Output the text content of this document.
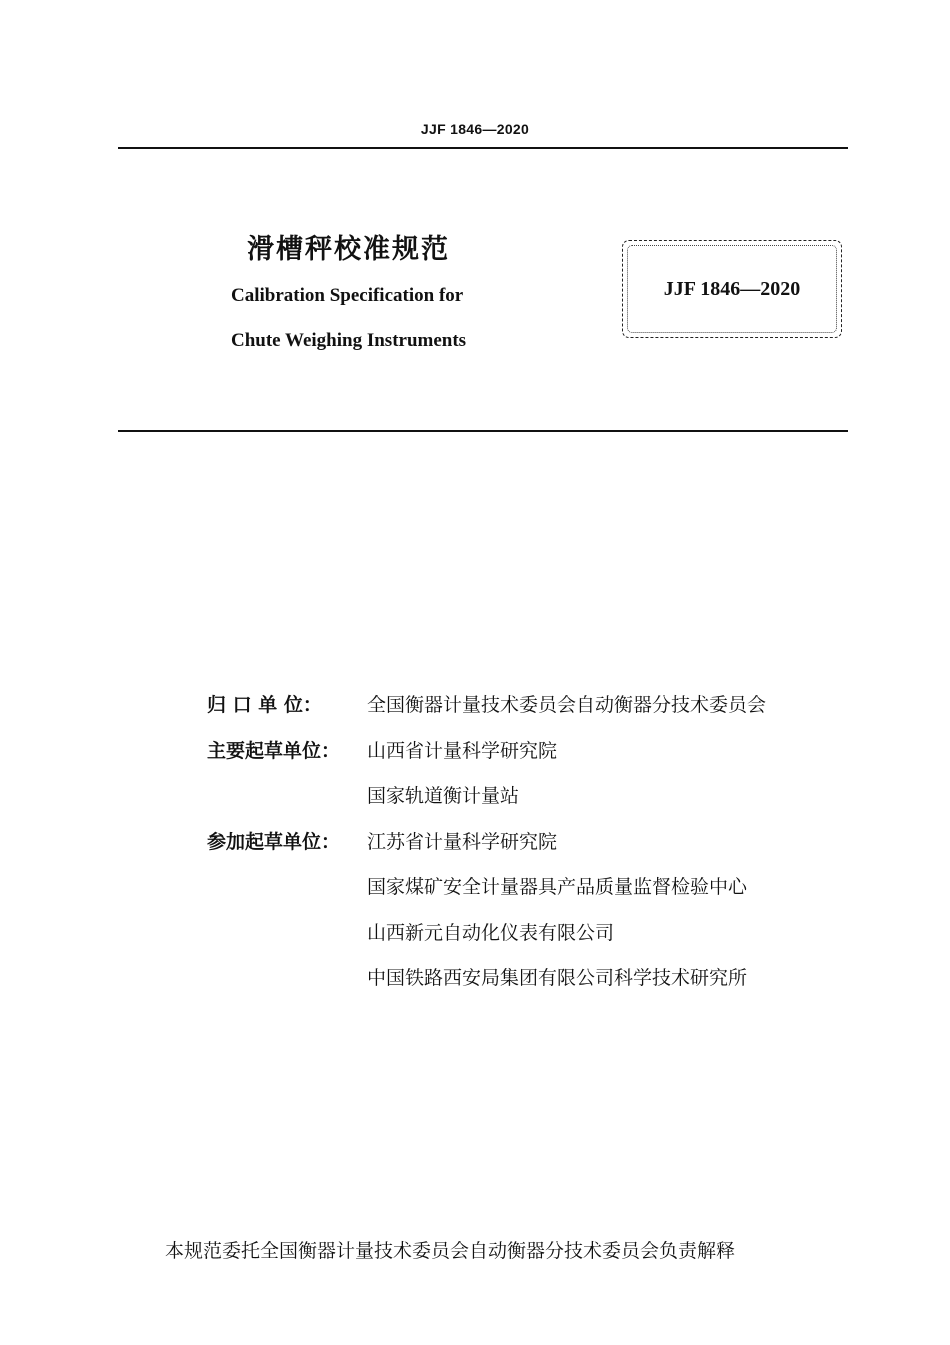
JJF 1846—2020
滑槽秤校准规范
Calibration Specification for
Chute Weighing Instruments
JJF 1846—2020
归 口 单 位：	全国衡器计量技术委员会自动衡器分技术委员会
主要起草单位：	山西省计量科学研究院
国家轨道衡计量站
参加起草单位：	江苏省计量科学研究院
国家煤矿安全计量器具产品质量监督检验中心
山西新元自动化仪表有限公司
中国铁路西安局集团有限公司科学技术研究所
本规范委托全国衡器计量技术委员会自动衡器分技术委员会负责解释
